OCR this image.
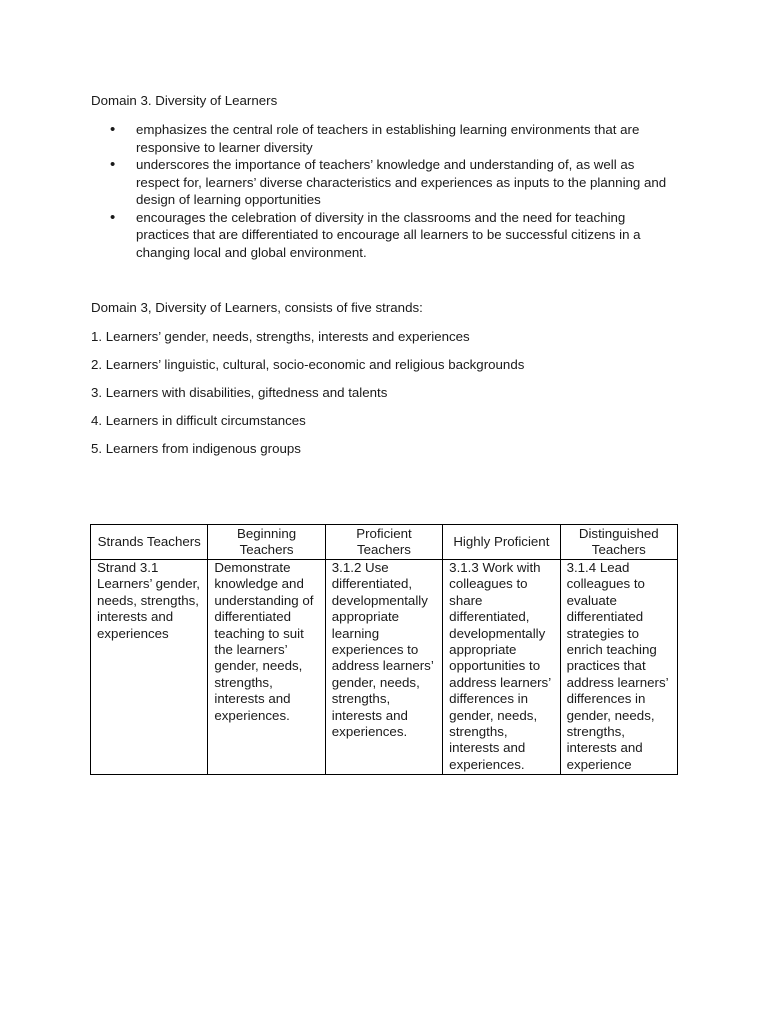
Domain 3. Diversity of Learners

• emphasizes the central role of teachers in establishing learning environments that are responsive to learner diversity
• underscores the importance of teachers’ knowledge and understanding of, as well as respect for, learners’ diverse characteristics and experiences as inputs to the planning and design of learning opportunities
• encourages the celebration of diversity in the classrooms and the need for teaching practices that are differentiated to encourage all learners to be successful citizens in a changing local and global environment.

Domain 3, Diversity of Learners, consists of five strands:

1. Learners’ gender, needs, strengths, interests and experiences
2. Learners’ linguistic, cultural, socio-economic and religious backgrounds
3. Learners with disabilities, giftedness and talents
4. Learners in difficult circumstances
5. Learners from indigenous groups
Strands Teachers	Beginning Teachers	Proficient Teachers	Highly Proficient	Distinguished Teachers
Strand 3.1 Learners’ gender, needs, strengths, interests and experiences	Demonstrate knowledge and understanding of differentiated teaching to suit the learners’ gender, needs, strengths, interests and experiences.	3.1.2 Use differentiated, developmentally appropriate learning experiences to address learners’ gender, needs, strengths, interests and experiences.	3.1.3 Work with colleagues to share differentiated, developmentally appropriate opportunities to address learners’ differences in gender, needs, strengths, interests and experiences.	3.1.4 Lead colleagues to evaluate differentiated strategies to enrich teaching practices that address learners’ differences in gender, needs, strengths, interests and experience
